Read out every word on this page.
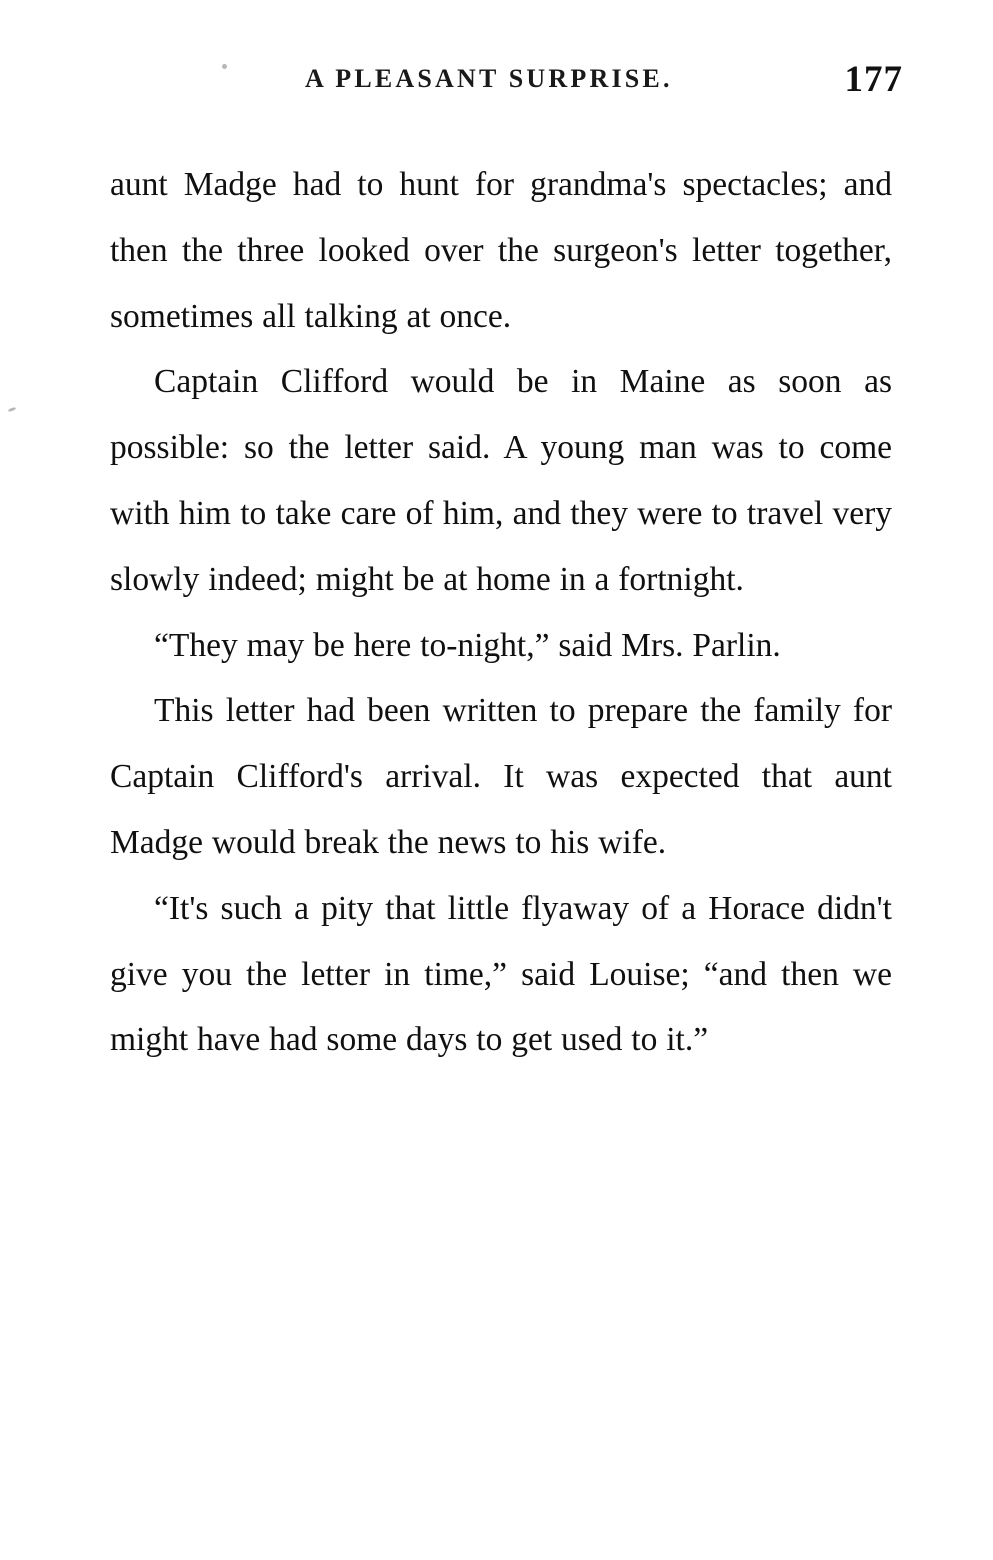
A PLEASANT SURPRISE.	177

aunt Madge had to hunt for grandma's spectacles; and then the three looked over the surgeon's letter together, sometimes all talking at once.

Captain Clifford would be in Maine as soon as possible: so the letter said. A young man was to come with him to take care of him, and they were to travel very slowly indeed; might be at home in a fortnight.

“They may be here to-night,” said Mrs. Parlin.

This letter had been written to prepare the family for Captain Clifford's arrival. It was expected that aunt Madge would break the news to his wife.

“It's such a pity that little flyaway of a Horace didn't give you the letter in time,” said Louise; “and then we might have had some days to get used to it.”
